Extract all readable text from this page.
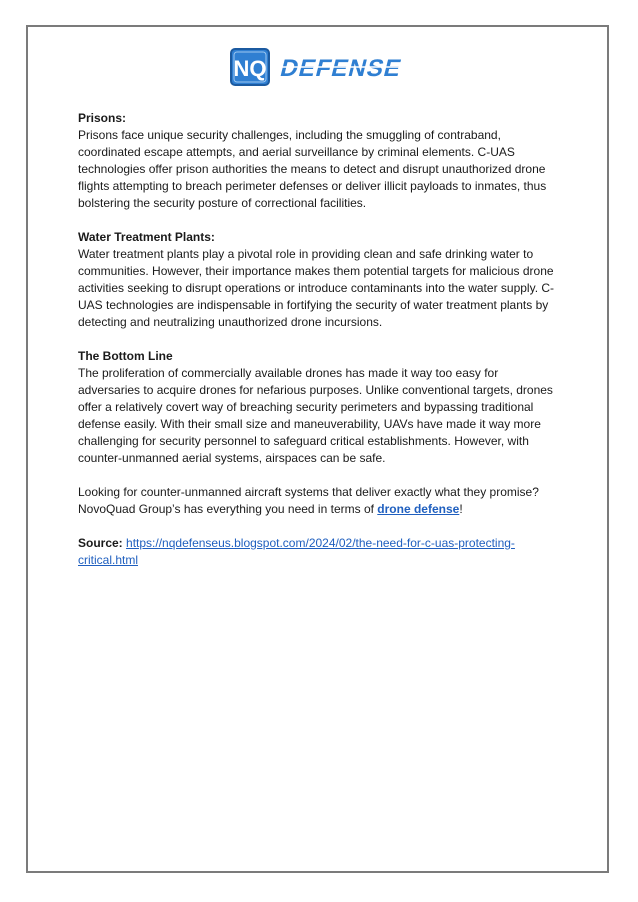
NQ DEFENSE

Prisons:

Prisons face unique security challenges, including the smuggling of contraband, coordinated escape attempts, and aerial surveillance by criminal elements. C-UAS technologies offer prison authorities the means to detect and disrupt unauthorized drone flights attempting to breach perimeter defenses or deliver illicit payloads to inmates, thus bolstering the security posture of correctional facilities.

Water Treatment Plants:

Water treatment plants play a pivotal role in providing clean and safe drinking water to communities. However, their importance makes them potential targets for malicious drone activities seeking to disrupt operations or introduce contaminants into the water supply. C-UAS technologies are indispensable in fortifying the security of water treatment plants by detecting and neutralizing unauthorized drone incursions.

The Bottom Line

The proliferation of commercially available drones has made it way too easy for adversaries to acquire drones for nefarious purposes. Unlike conventional targets, drones offer a relatively covert way of breaching security perimeters and bypassing traditional defense easily. With their small size and maneuverability, UAVs have made it way more challenging for security personnel to safeguard critical establishments. However, with counter-unmanned aerial systems, airspaces can be safe.

Looking for counter-unmanned aircraft systems that deliver exactly what they promise? NovoQuad Group’s has everything you need in terms of drone defense!

Source: https://nqdefenseus.blogspot.com/2024/02/the-need-for-c-uas-protecting-critical.html
